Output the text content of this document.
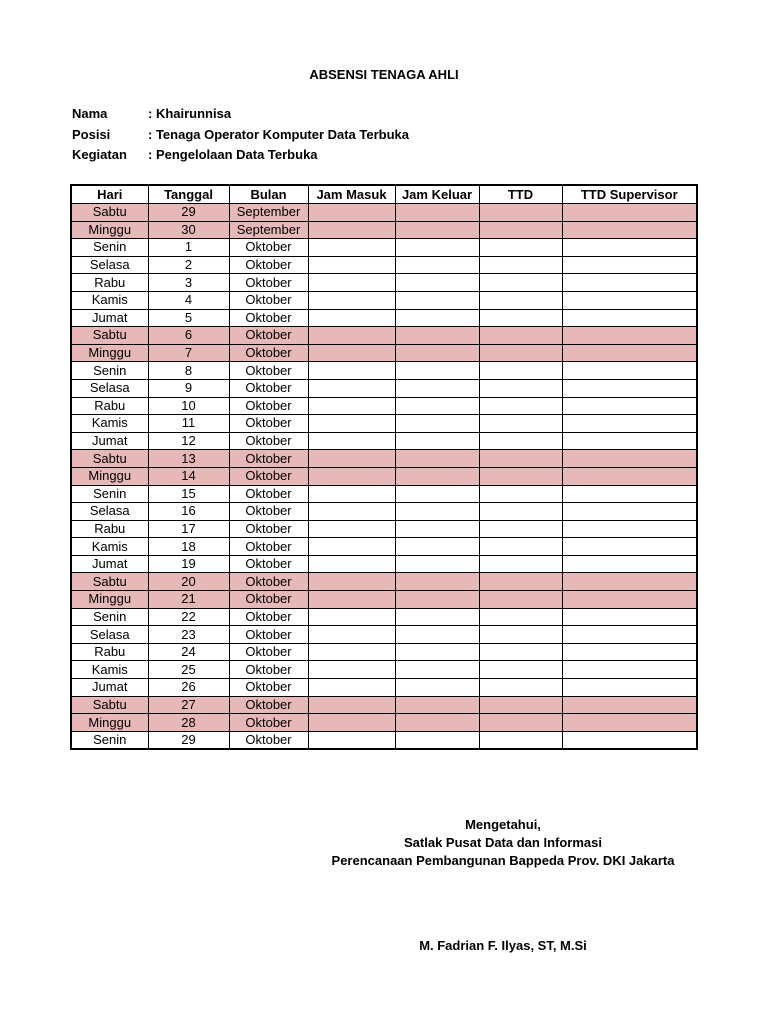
ABSENSI TENAGA AHLI
Nama	: Khairunnisa
Posisi	: Tenaga Operator Komputer Data Terbuka
Kegiatan : Pengelolaan Data Terbuka
Hari	Tanggal	Bulan	Jam Masuk	Jam Keluar	TTD	TTD Supervisor
Sabtu	29	September				
Minggu	30	September				
Senin	1	Oktober				
Selasa	2	Oktober				
Rabu	3	Oktober				
Kamis	4	Oktober				
Jumat	5	Oktober				
Sabtu	6	Oktober				
Minggu	7	Oktober				
Senin	8	Oktober				
Selasa	9	Oktober				
Rabu	10	Oktober				
Kamis	11	Oktober				
Jumat	12	Oktober				
Sabtu	13	Oktober				
Minggu	14	Oktober				
Senin	15	Oktober				
Selasa	16	Oktober				
Rabu	17	Oktober				
Kamis	18	Oktober				
Jumat	19	Oktober				
Sabtu	20	Oktober				
Minggu	21	Oktober				
Senin	22	Oktober				
Selasa	23	Oktober				
Rabu	24	Oktober				
Kamis	25	Oktober				
Jumat	26	Oktober				
Sabtu	27	Oktober				
Minggu	28	Oktober				
Senin	29	Oktober				
Mengetahui,
Satlak Pusat Data dan Informasi
Perencanaan Pembangunan Bappeda Prov. DKI Jakarta
M. Fadrian F. Ilyas, ST, M.Si
